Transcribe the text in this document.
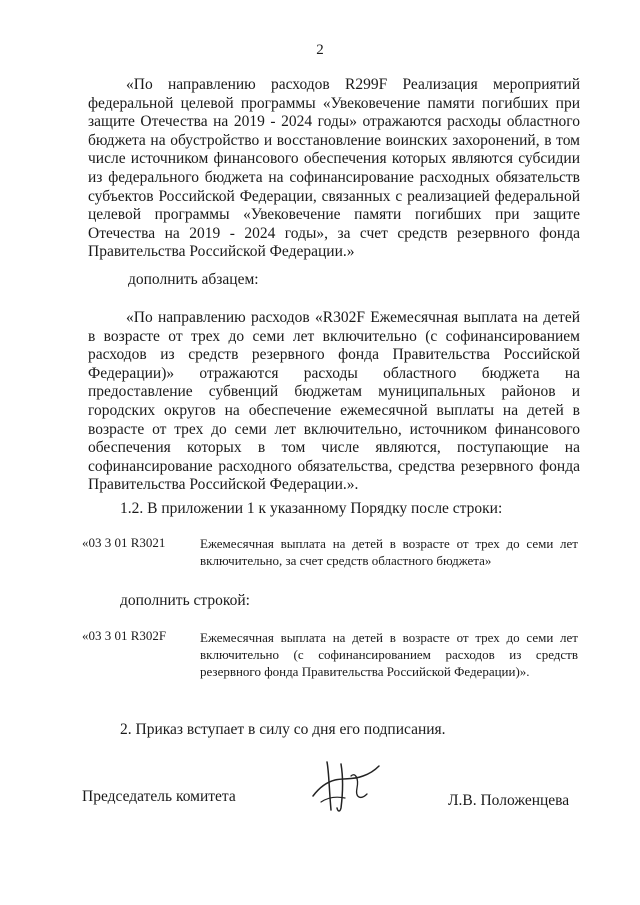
2

«По направлению расходов R299F Реализация мероприятий федеральной целевой программы «Увековечение памяти погибших при защите Отечества на 2019 - 2024 годы» отражаются расходы областного бюджета на обустройство и восстановление воинских захоронений, в том числе источником финансового обеспечения которых являются субсидии из федерального бюджета на софинансирование расходных обязательств субъектов Российской Федерации, связанных с реализацией федеральной целевой программы «Увековечение памяти погибших при защите Отечества на 2019 - 2024 годы», за счет средств резервного фонда Правительства Российской Федерации.»

дополнить абзацем:

«По направлению расходов «R302F Ежемесячная выплата на детей в возрасте от трех до семи лет включительно (с софинансированием расходов из средств резервного фонда Правительства Российской Федерации)» отражаются расходы областного бюджета на предоставление субвенций бюджетам муниципальных районов и городских округов на обеспечение ежемесячной выплаты на детей в возрасте от трех до семи лет включительно, источником финансового обеспечения которых в том числе являются, поступающие на софинансирование расходного обязательства, средства резервного фонда Правительства Российской Федерации.».

1.2. В приложении 1 к указанному Порядку после строки:

«03 3 01 R3021	Ежемесячная выплата на детей в возрасте от трех до семи лет включительно, за счет средств областного бюджета»

дополнить строкой:

«03 3 01 R302F	Ежемесячная выплата на детей в возрасте от трех до семи лет включительно (с софинансированием расходов из средств резервного фонда Правительства Российской Федерации)».

2. Приказ вступает в силу со дня его подписания.

Председатель комитета	Л.В. Положенцева
